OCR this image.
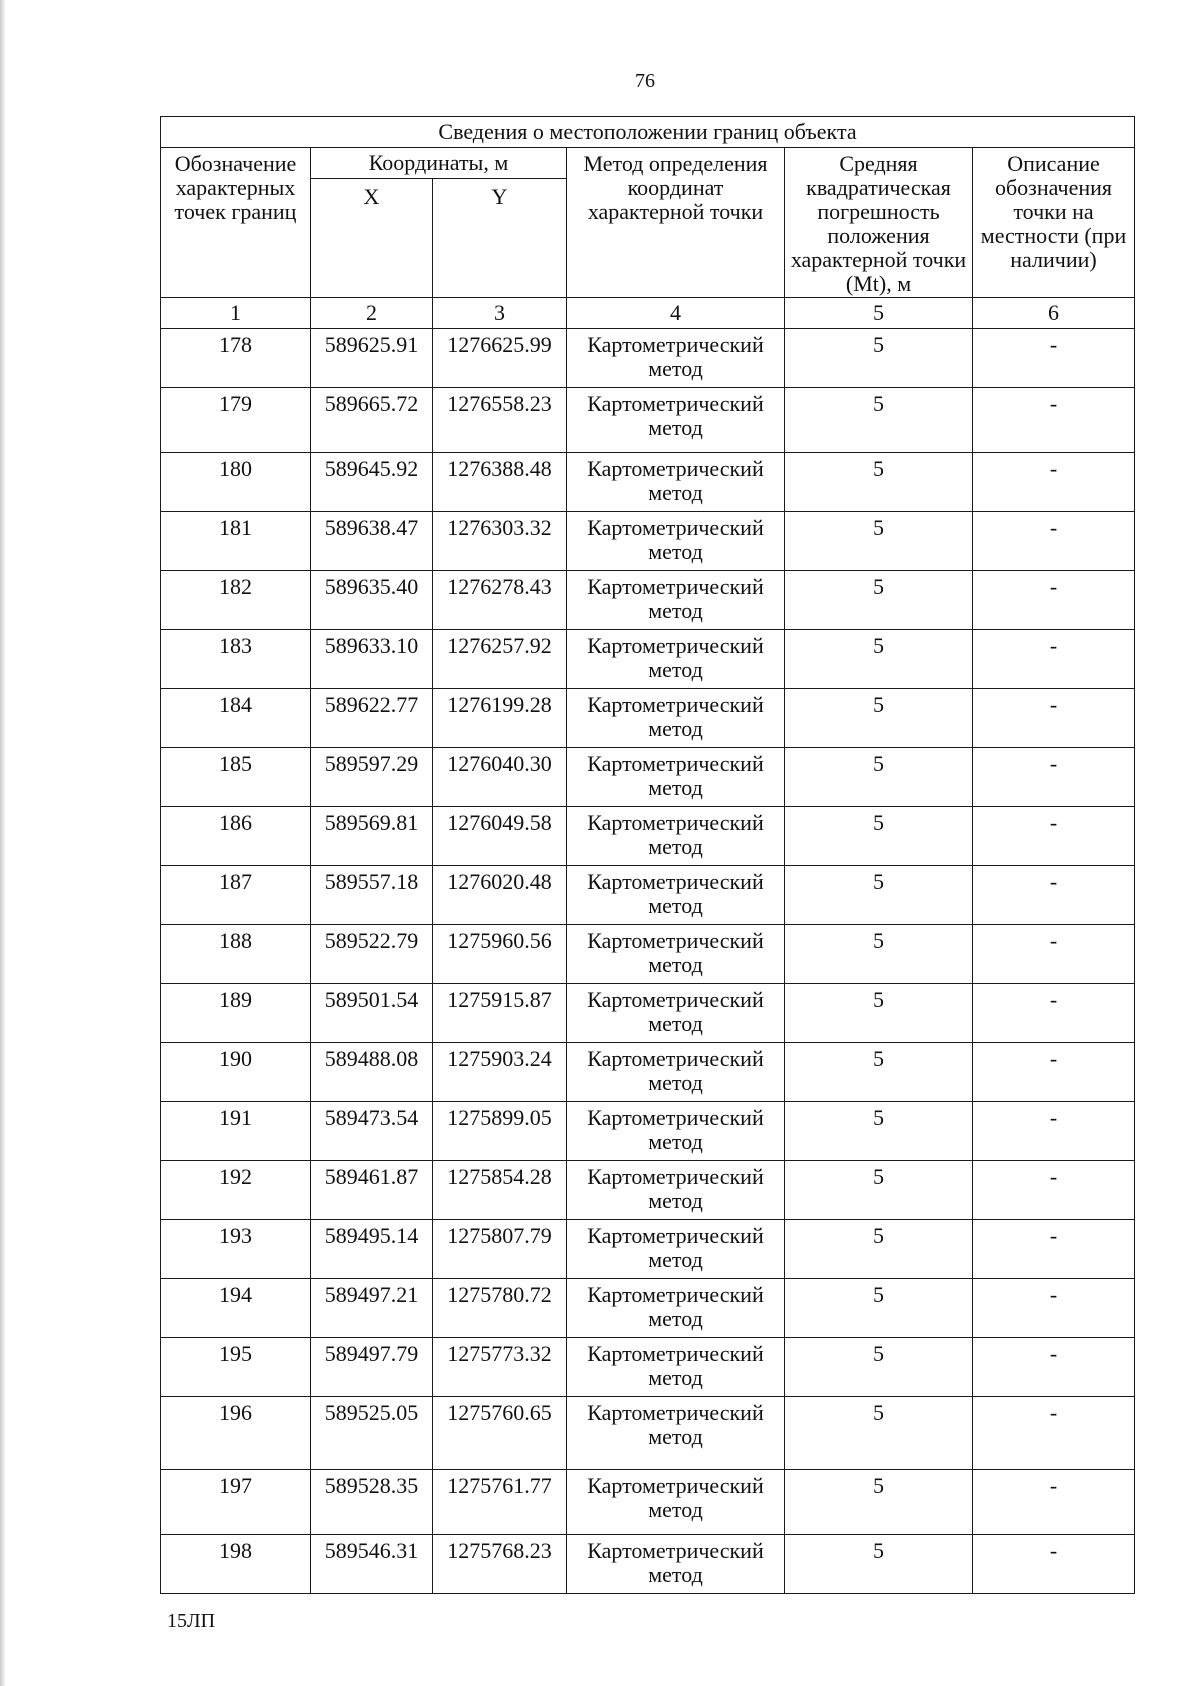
76
Сведения о местоположении границ объекта					
Обозначение характерных точек границ	Координаты, м		Метод определения координат характерной точки	Средняя квадратическая погрешность положения характерной точки (Mt), м	Описание обозначения точки на местности (при наличии)
	X	Y			
1	2	3	4	5	6
178	589625.91	1276625.99	Картометрический метод	5	-
179	589665.72	1276558.23	Картометрический метод	5	-
180	589645.92	1276388.48	Картометрический метод	5	-
181	589638.47	1276303.32	Картометрический метод	5	-
182	589635.40	1276278.43	Картометрический метод	5	-
183	589633.10	1276257.92	Картометрический метод	5	-
184	589622.77	1276199.28	Картометрический метод	5	-
185	589597.29	1276040.30	Картометрический метод	5	-
186	589569.81	1276049.58	Картометрический метод	5	-
187	589557.18	1276020.48	Картометрический метод	5	-
188	589522.79	1275960.56	Картометрический метод	5	-
189	589501.54	1275915.87	Картометрический метод	5	-
190	589488.08	1275903.24	Картометрический метод	5	-
191	589473.54	1275899.05	Картометрический метод	5	-
192	589461.87	1275854.28	Картометрический метод	5	-
193	589495.14	1275807.79	Картометрический метод	5	-
194	589497.21	1275780.72	Картометрический метод	5	-
195	589497.79	1275773.32	Картометрический метод	5	-
196	589525.05	1275760.65	Картометрический метод	5	-
197	589528.35	1275761.77	Картометрический метод	5	-
198	589546.31	1275768.23	Картометрический метод	5	-
15ЛП
